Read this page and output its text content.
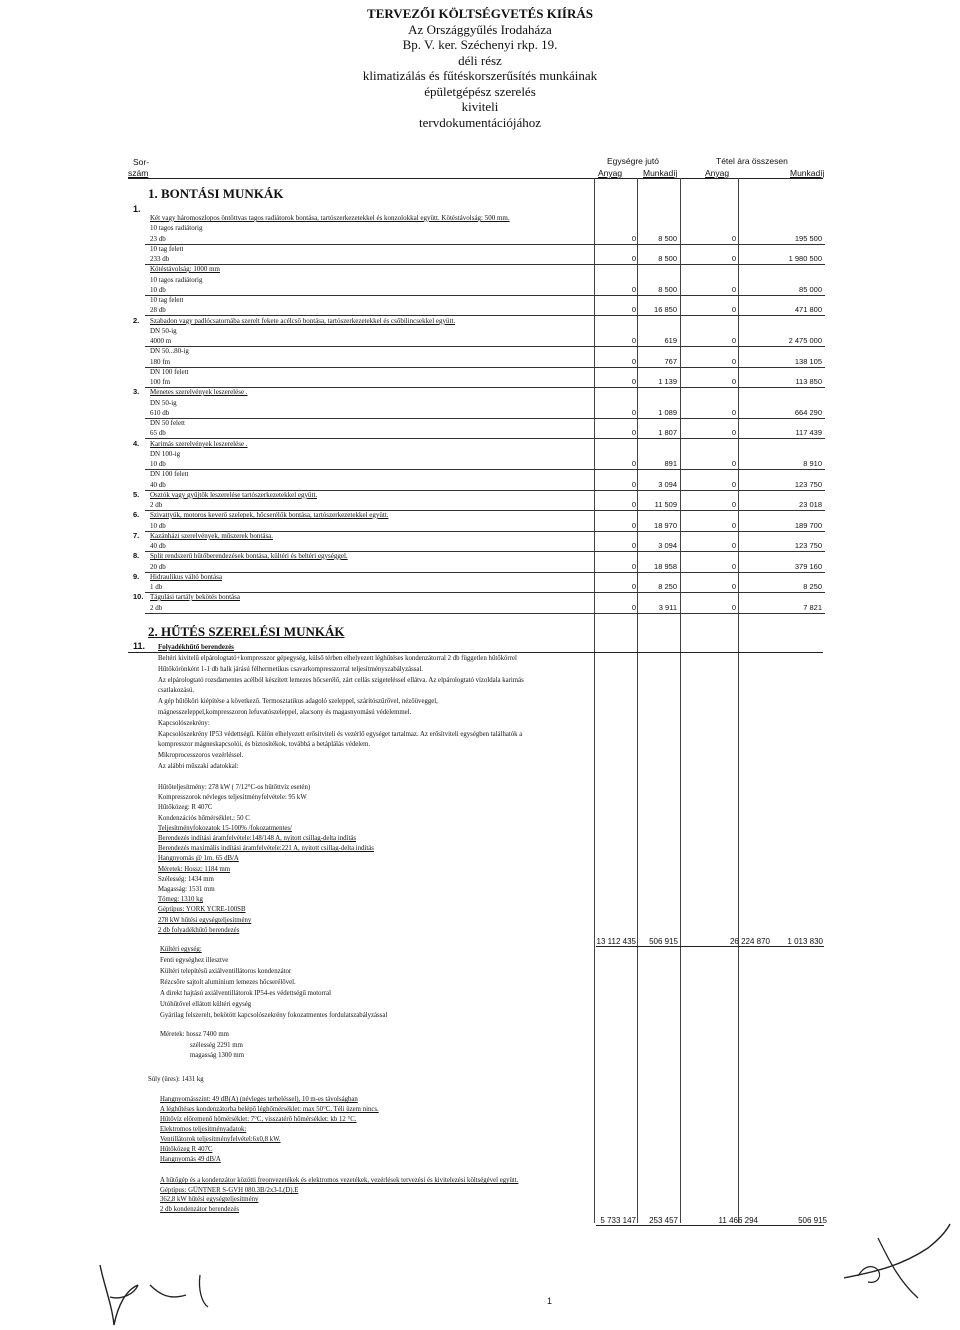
TERVEZŐI KÖLTSÉGVETÉS KIÍRÁS
Az Országgyűlés Irodaháza
Bp. V. ker. Széchenyi rkp. 19.
déli rész
klimatizálás és fűtéskorszerűsítés munkáinak
épületgépész szerelés
kiviteli
tervdokumentációjához
Sor-
szám
Egységre jutó	Tétel ára összesen
Anyag Munkadíj	Anyag	Munkadíj
1. BONTÁSI MUNKÁK
1.
Két vagy háromoszlopos öntöttvas tagos radiátorok bontása, tartószerkezetekkel és konzolokkal együtt. Kötéstávolság: 500 mm.
10 tagos radiátorig
23 db	0	8 500	0	195 500
10 tag felett
233 db	0	8 500	0	1 980 500
Kötéstávolság: 1000 mm
10 tagos radiátorig
10 db	0	8 500	0	85 000
10 tag felett
28 db	0	16 850	0	471 800
2. Szabadon vagy padlócsatornába szerelt fekete acélcső bontása, tartószerkezetekkel és csőbilincsekkel együtt.
DN 50-ig
4000 m	0	619	0	2 475 000
DN 50...80-ig
180 fm	0	767	0	138 105
DN 100 felett
100 fm	0	1 139	0	113 850
3. Menetes szerelvények leszerelése .
DN 50-ig
610 db	0	1 089	0	664 290
DN 50 felett
65 db	0	1 807	0	117 439
4. Karimás szerelvények leszerelése .
DN 100-ig
10 db	0	891	0	8 910
DN 100 felett
40 db	0	3 094	0	123 750
5. Osztók vagy gyűjtők leszerelése tartószerkezetekkel együtt.
2 db	0	11 509	0	23 018
6. Szivattyúk, motoros keverő szelepek, hőcserélők bontása, tartószerkezetekkel együtt.
10 db	0	18 970	0	189 700
7. Kazánházi szerelvények, műszerek bontása.
40 db	0	3 094	0	123 750
8. Split rendszerű hűtőberendezések bontása, kültéri és beltéri egységgel.
20 db	0	18 958	0	379 160
9. Hidraulikus váltó bontása
1 db	0	8 250	0	8 250
10. Tágulási tartály bekötés bontása
2 db	0	3 911	0	7 821
2. HŰTÉS SZERELÉSI MUNKÁK
11. Folyadékhűtő berendezés
Beltéri kivitelű elpárologtató+kompresszor gépegység, külső térben elhelyezett léghűtéses kondenzátorral 2 db független hűtőkörrel
Hűtőkörönként 1-1 db halk járású félhermetikus csavarkompresszorral teljesítményszabályzással.
Az elpárologtató rozsdamentes acélból készített lemezes hőcserélő, zárt cellás szigeteléssel ellátva. Az elpárologtató vízoldala karimás
csatlakozású.
A gép hűtőköri kiépítése a következő. Termosztatikus adagoló szeleppel, szárítószűrővel, nézőüveggel,
mágnesszeleppel,kompresszoron lefuvatószeleppel, alacsony és magasnyomású védelemmel.
Kapcsolószekrény:
Kapcsolószekrény IP53 védettségű. Külön elhelyezett erősítviteli és vezérlő egységet tartalmaz. Az erősítviteli egységben találhatók a
kompresszor mágneskapcsolói, és biztosítékok, továbbá a betáplálás védelem.
Mikroprocesszoros vezérléssel.
Az alábbi műszaki adatokkal:
Hűtőteljesítmény: 278 kW ( 7/12°C-os hűtőttvíz esetén)
Kompresszorok névleges teljesítményfelvétele: 95 kW
Hűtőközeg: R 407C
Kondenzációs hőmérséklet.: 50 C
Teljesítményfokozatok 15-100% /fokozatmentes/
Berendezés indítási áramfelvétele:148/148 A, nyitott csillag-delta indítás
Berendezés maximális indítási áramfelvétele:221 A, nyitott csillag-delta indítás
Hangnyomás @ 1m. 65 dB/A
Méretek: Hossz: 1184 mm
Szélesség: 1434 mm
Magasság: 1531 mm
Tömeg: 1310 kg
Géptípus: YORK YCRE-100SB
278 kW hűtési egységteljesítmény
2 db folyadékhűtő berendezés
13 112 435	506 915	26 224 870	1 013 830
Kültéri egység:
Fenti egységhez illesztve
Kültéri telepítésű axiálventillátoros kondenzátor
Rézcsőre sajtolt alumínium lemezes hőcserélővel.
A direkt hajtású axiálventillátorok IP54-es védettségű motorral
Utóhűtővel ellátott kültéri egység
Gyárilag felszerelt, bekötött kapcsolószekrény fokozatmentes fordulatszabályzással
Méretek: hossz 7400 mm
szélesség 2291 mm
magasság 1300 mm
Súly (üres): 1431 kg
Hangnyomásszint: 49 dB(A) (névleges terheléssel), 10 m-es távolságban
A léghűtéses kondenzátorba belépő léghőmérséklet: max 50°C. Téli üzem nincs.
Hűtővíz előremenő hőmérséklet: 7°C, visszatérő hőmérséklet: kb 12 °C.
Elektromos teljesítményadatok:
Ventillátorok teljesítményfelvétel:6x0,8 kW.
Hűtőközeg R 407C
Hangnyomás 49 dB/A
A hűtőgép és a kondenzátor közötti freonvezetékek és elektromos vezetékek, vezérlések tervezési és kivitelezési költségével együtt.
Géptípus: GÜNTNER S-GVH 080.3B/2x3-L(D).E
362,8 kW hűtési egységteljesítmény
2 db kondenzátor berendezés
5 733 147	253 457	11 466 294	506 915
1
